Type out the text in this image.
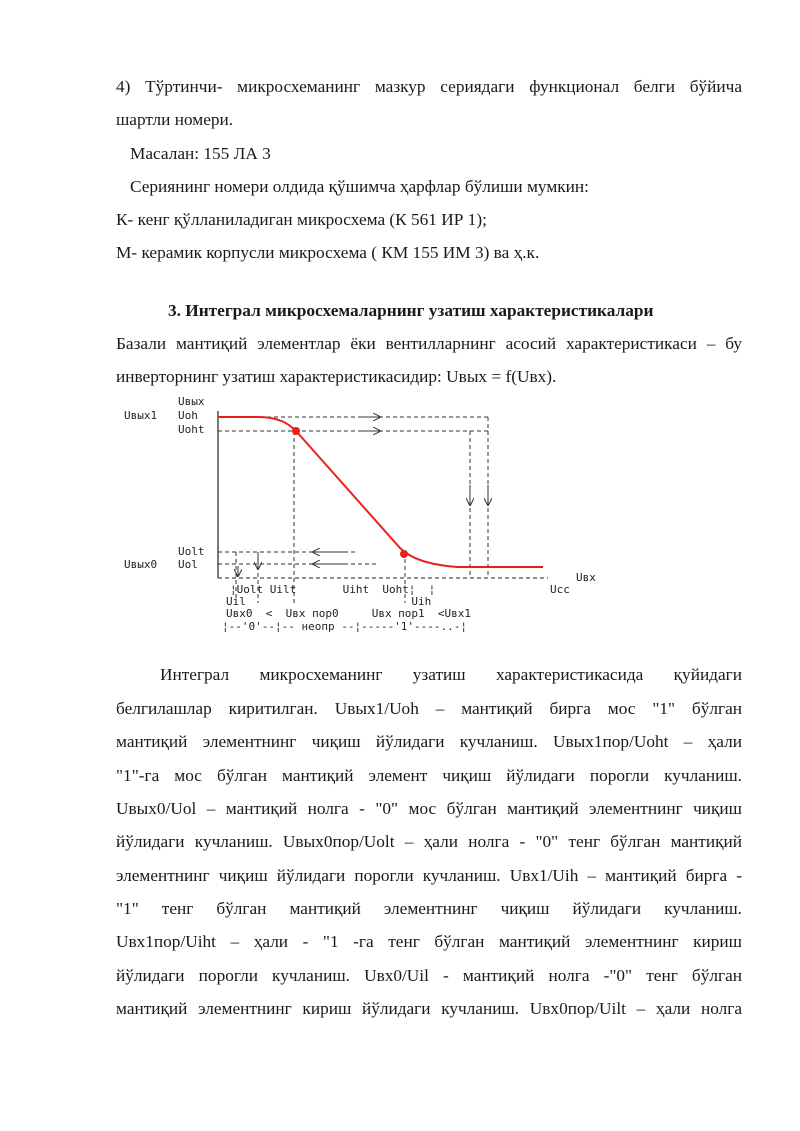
4) Тўртинчи- микросхеманинг мазкур сериядаги функционал белги бўйича
шартли номери.
Масалан: 155 ЛА 3
Сериянинг номери олдида қўшимча ҳарфлар бўлиши мумкин:
К- кенг қўлланиладиган микросхема (К 561 ИР 1);
М- керамик корпусли микросхема ( КМ 155 ИМ 3) ва ҳ.к.
3. Интеграл микросхемаларнинг узатиш характеристикалари
Базали мантиқий элементлар ёки вентилларнинг асосий характеристикаси – бу
инверторнинг узатиш характеристикасидир: Uвых = f(Uвх).
Uвых
Uвых1 Uoh
Uoht
Uolt
Uвых0 Uol
Uвх
¦Uolt Uilt       Uiht  Uoht¦  ¦	Ucc
Uil                         Uih
Uвх0  <  Uвх пор0     Uвх пор1  <Uвх1
¦--'0'--¦-- неопр --¦-----'1'----..-¦
Интеграл микросхеманинг узатиш характеристикасида қуйидаги
белгилашлар киритилган. Uвых1/Uoh – мантиқий бирга мос "1" бўлган
мантиқий элементнинг чиқиш йўлидаги кучланиш. Uвых1пор/Uoht – ҳали
"1"-га мос бўлган мантиқий элемент чиқиш йўлидаги порогли кучланиш.
Uвых0/Uol – мантиқий нолга - "0" мос бўлган мантиқий элементнинг чиқиш
йўлидаги кучланиш. Uвых0пор/Uolt – ҳали нолга - "0" тенг бўлган мантиқий
элементнинг чиқиш йўлидаги порогли кучланиш. Uвх1/Uih – мантиқий бирга -
"1" тенг бўлган мантиқий элементнинг чиқиш йўлидаги кучланиш.
Uвх1пор/Uiht – ҳали - "1 -га тенг бўлган мантиқий элементнинг кириш
йўлидаги порогли кучланиш. Uвх0/Uil - мантиқий нолга -"0" тенг бўлган
мантиқий элементнинг кириш йўлидаги кучланиш. Uвх0пор/Uilt – ҳали нолга
